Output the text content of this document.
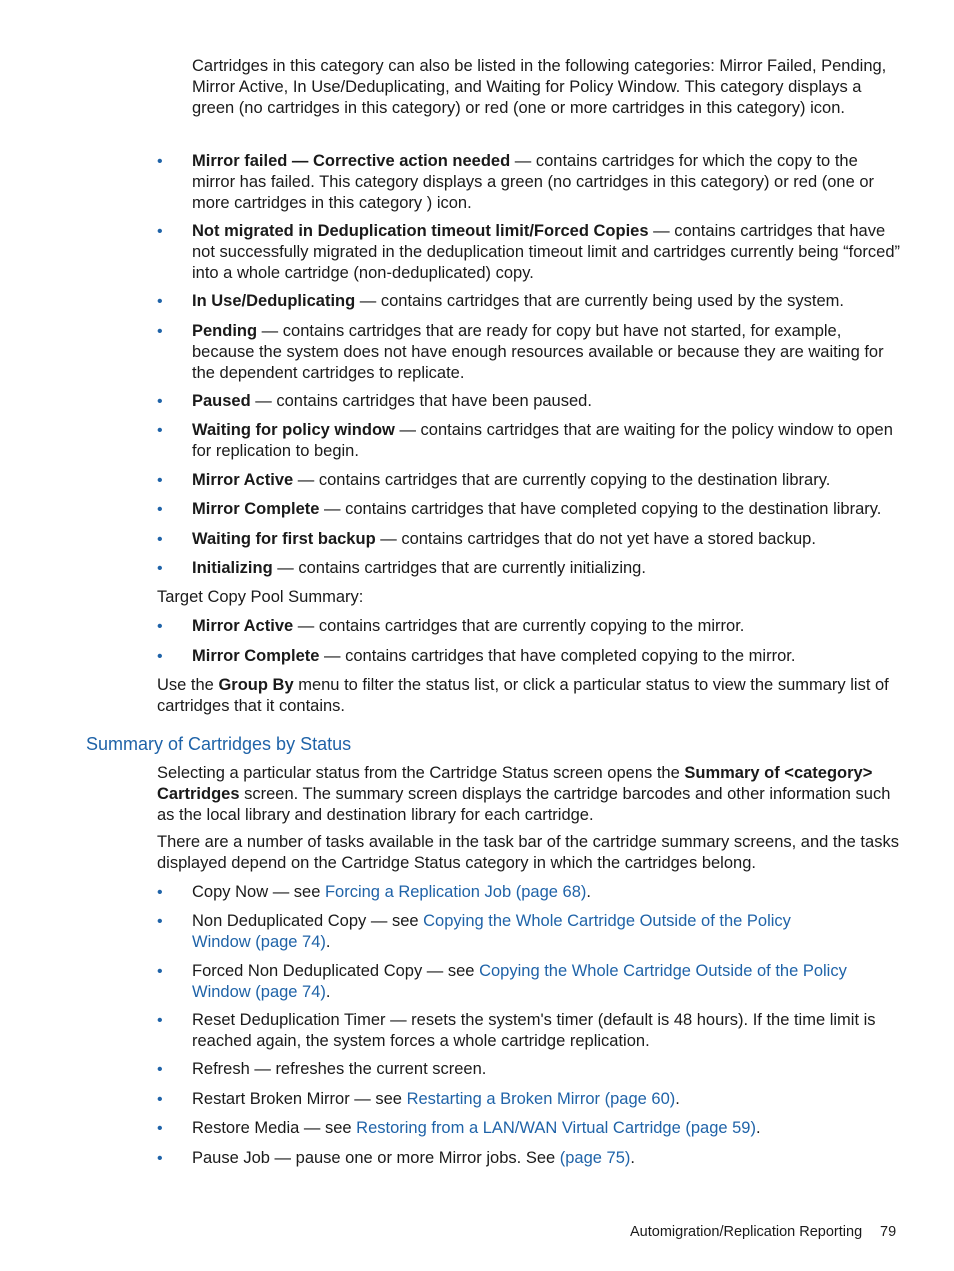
Cartridges in this category can also be listed in the following categories: Mirror Failed, Pending, Mirror Active, In Use/Deduplicating, and Waiting for Policy Window. This category displays a green (no cartridges in this category) or red (one or more cartridges in this category) icon.

•	Mirror failed — Corrective action needed — contains cartridges for which the copy to the mirror has failed. This category displays a green (no cartridges in this category) or red (one or more cartridges in this category ) icon.
•	Not migrated in Deduplication timeout limit/Forced Copies — contains cartridges that have not successfully migrated in the deduplication timeout limit and cartridges currently being “forced” into a whole cartridge (non-deduplicated) copy.
•	In Use/Deduplicating — contains cartridges that are currently being used by the system.
•	Pending — contains cartridges that are ready for copy but have not started, for example, because the system does not have enough resources available or because they are waiting for the dependent cartridges to replicate.
•	Paused — contains cartridges that have been paused.
•	Waiting for policy window — contains cartridges that are waiting for the policy window to open for replication to begin.
•	Mirror Active — contains cartridges that are currently copying to the destination library.
•	Mirror Complete — contains cartridges that have completed copying to the destination library.
•	Waiting for first backup — contains cartridges that do not yet have a stored backup.
•	Initializing — contains cartridges that are currently initializing.

Target Copy Pool Summary:

•	Mirror Active — contains cartridges that are currently copying to the mirror.
•	Mirror Complete — contains cartridges that have completed copying to the mirror.

Use the Group By menu to filter the status list, or click a particular status to view the summary list of cartridges that it contains.

Summary of Cartridges by Status

Selecting a particular status from the Cartridge Status screen opens the Summary of <category> Cartridges screen. The summary screen displays the cartridge barcodes and other information such as the local library and destination library for each cartridge.

There are a number of tasks available in the task bar of the cartridge summary screens, and the tasks displayed depend on the Cartridge Status category in which the cartridges belong.

•	Copy Now — see Forcing a Replication Job (page 68).
•	Non Deduplicated Copy — see Copying the Whole Cartridge Outside of the Policy Window (page 74).
•	Forced Non Deduplicated Copy — see Copying the Whole Cartridge Outside of the Policy Window (page 74).
•	Reset Deduplication Timer — resets the system's timer (default is 48 hours). If the time limit is reached again, the system forces a whole cartridge replication.
•	Refresh — refreshes the current screen.
•	Restart Broken Mirror — see Restarting a Broken Mirror (page 60).
•	Restore Media — see Restoring from a LAN/WAN Virtual Cartridge (page 59).
•	Pause Job — pause one or more Mirror jobs. See (page 75).
Automigration/Replication Reporting 79
